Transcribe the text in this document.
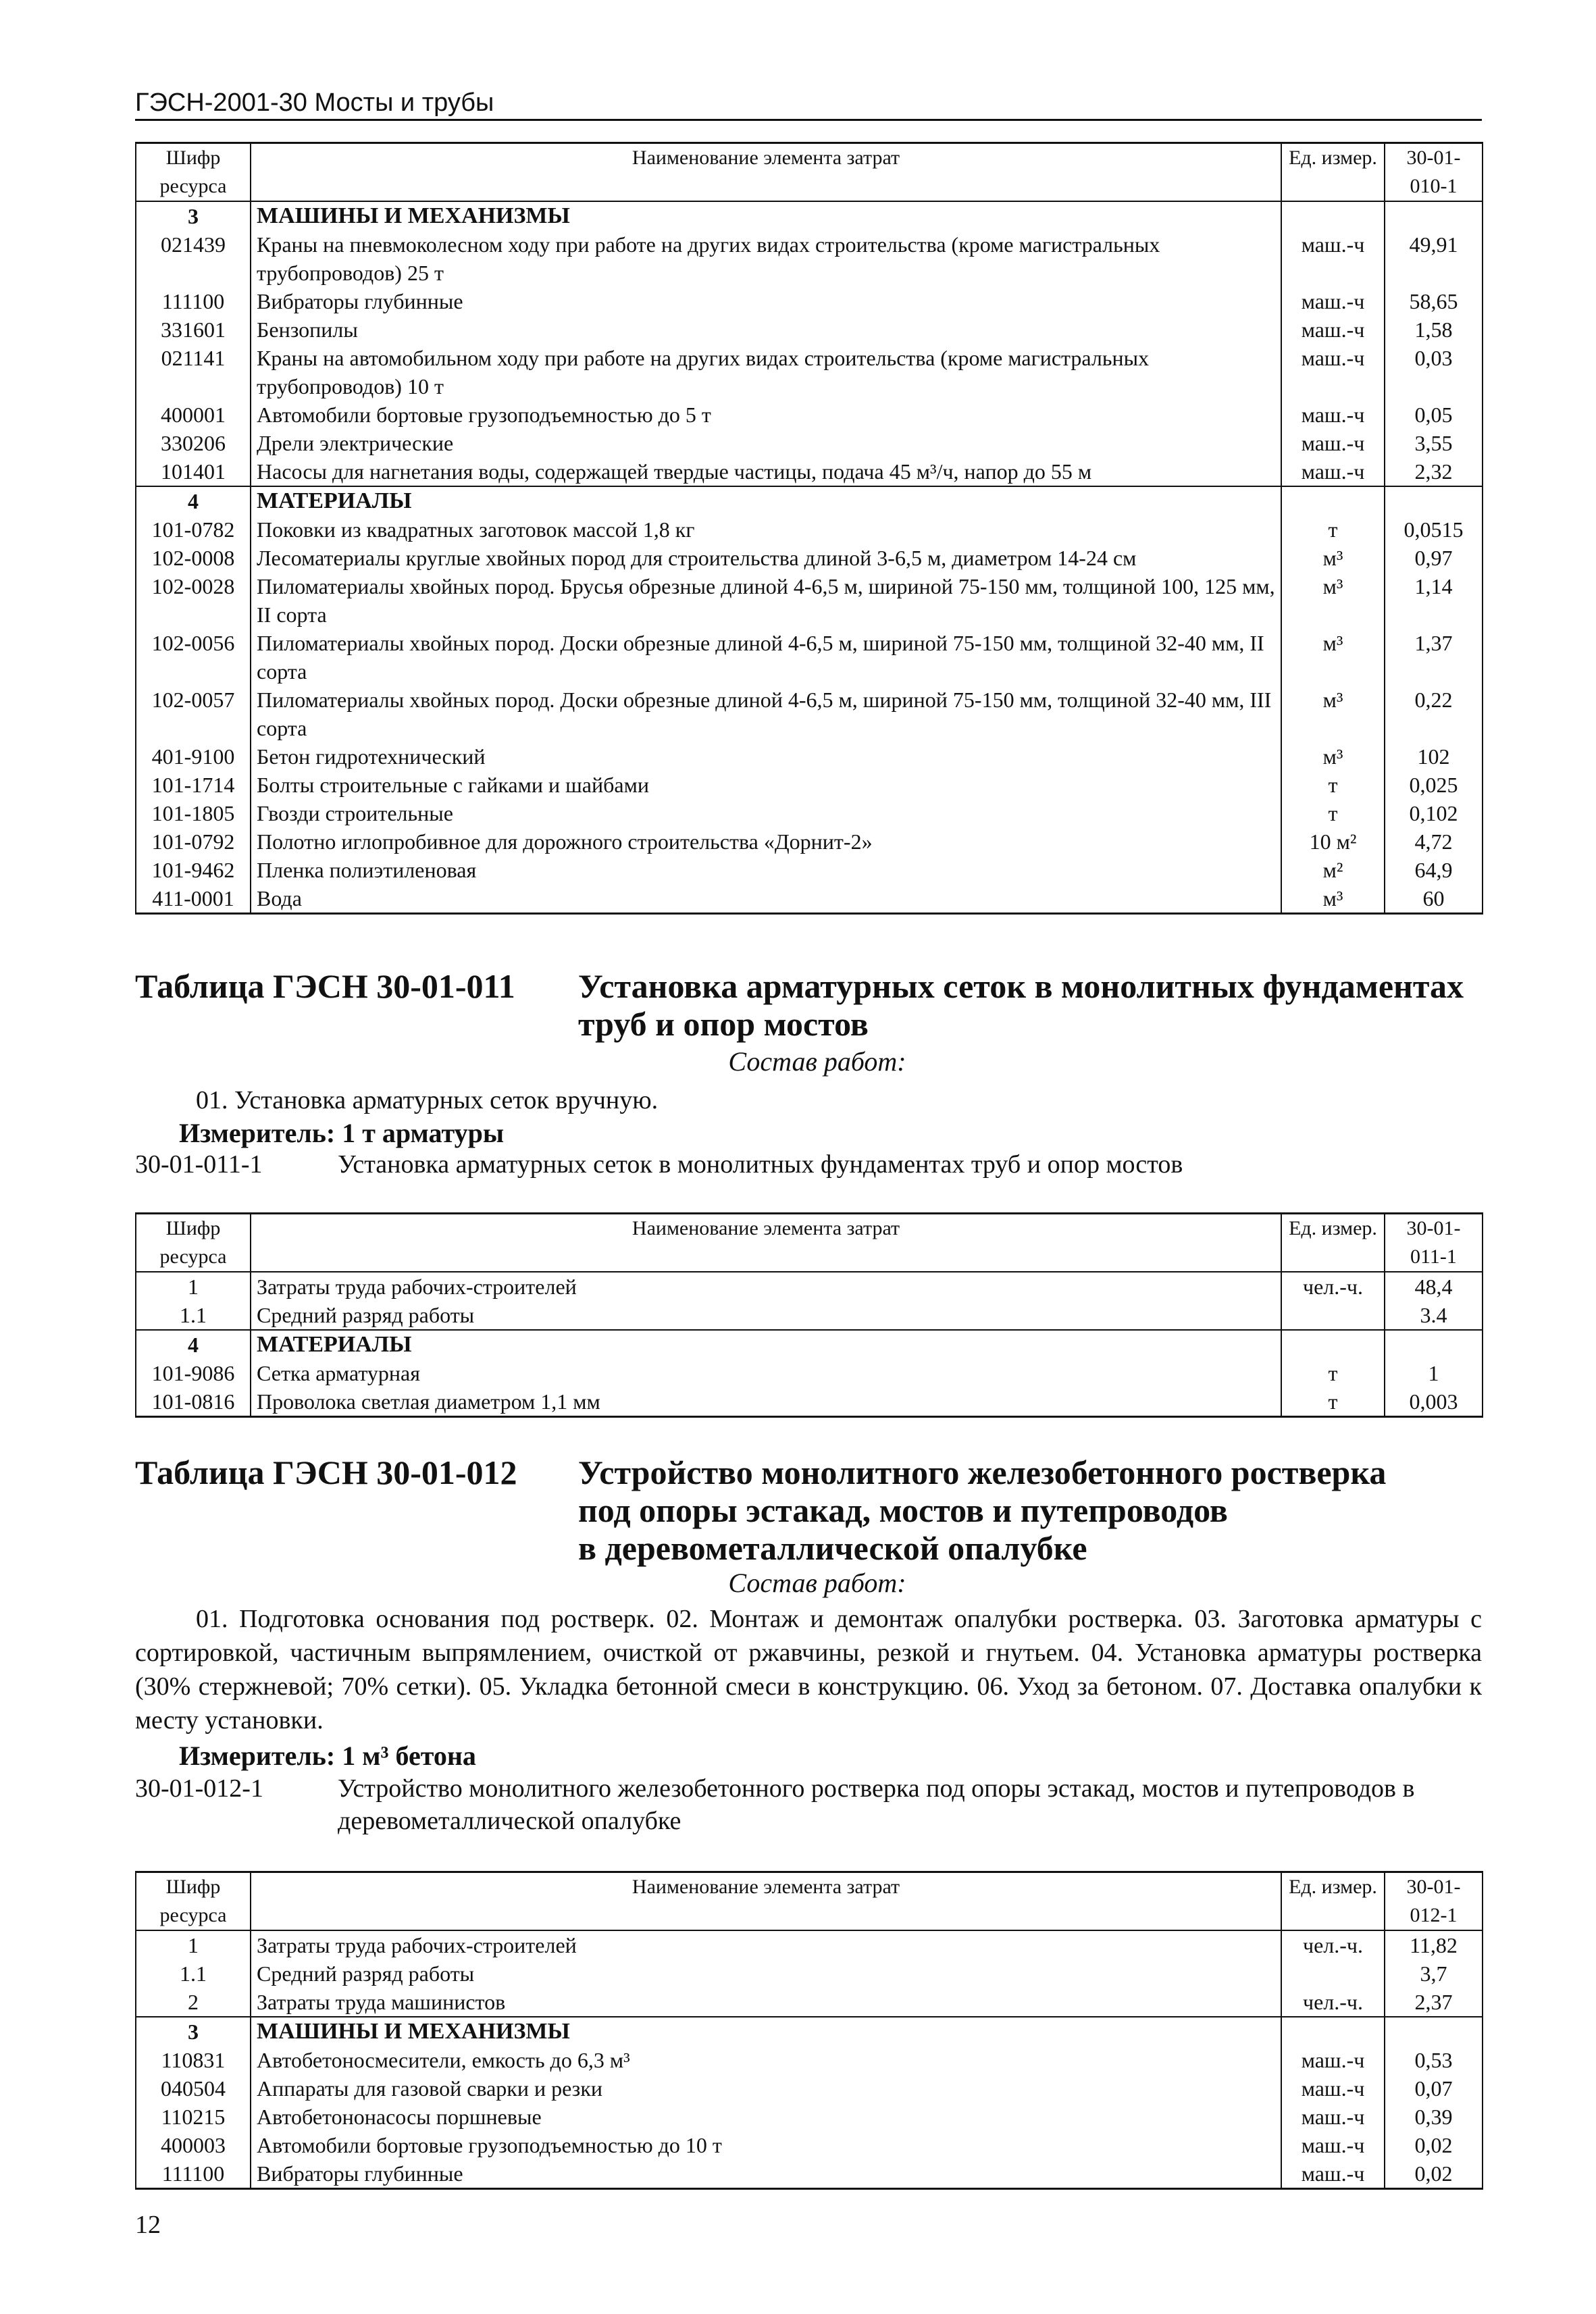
ГЭСН-2001-30 Мосты и трубы
Шифр ресурса	Наименование элемента затрат	Ед. измер.	30-01-010-1
3	МАШИНЫ И МЕХАНИЗМЫ		
021439	Краны на пневмоколесном ходу при работе на других видах строительства (кроме магистральных трубопроводов) 25 т	маш.-ч	49,91
111100	Вибраторы глубинные	маш.-ч	58,65
331601	Бензопилы	маш.-ч	1,58
021141	Краны на автомобильном ходу при работе на других видах строительства (кроме магистральных трубопроводов) 10 т	маш.-ч	0,03
400001	Автомобили бортовые грузоподъемностью до 5 т	маш.-ч	0,05
330206	Дрели электрические	маш.-ч	3,55
101401	Насосы для нагнетания воды, содержащей твердые частицы, подача 45 м³/ч, напор до 55 м	маш.-ч	2,32
4	МАТЕРИАЛЫ		
101-0782	Поковки из квадратных заготовок массой 1,8 кг	т	0,0515
102-0008	Лесоматериалы круглые хвойных пород для строительства длиной 3-6,5 м, диаметром 14-24 см	м³	0,97
102-0028	Пиломатериалы хвойных пород. Брусья обрезные длиной 4-6,5 м, шириной 75-150 мм, толщиной 100, 125 мм, II сорта	м³	1,14
102-0056	Пиломатериалы хвойных пород. Доски обрезные длиной 4-6,5 м, шириной 75-150 мм, толщиной 32-40 мм, II сорта	м³	1,37
102-0057	Пиломатериалы хвойных пород. Доски обрезные длиной 4-6,5 м, шириной 75-150 мм, толщиной 32-40 мм, III сорта	м³	0,22
401-9100	Бетон гидротехнический	м³	102
101-1714	Болты строительные с гайками и шайбами	т	0,025
101-1805	Гвозди строительные	т	0,102
101-0792	Полотно иглопробивное для дорожного строительства «Дорнит-2»	10 м²	4,72
101-9462	Пленка полиэтиленовая	м²	64,9
411-0001	Вода	м³	60
Таблица ГЭСН 30-01-011	Установка арматурных сеток в монолитных фундаментах труб и опор мостов
Состав работ:
01. Установка арматурных сеток вручную.
Измеритель: 1 т арматуры
30-01-011-1	Установка арматурных сеток в монолитных фундаментах труб и опор мостов
Шифр ресурса	Наименование элемента затрат	Ед. измер.	30-01-011-1
1	Затраты труда рабочих-строителей	чел.-ч.	48,4
1.1	Средний разряд работы		3.4
4	МАТЕРИАЛЫ		
101-9086	Сетка арматурная	т	1
101-0816	Проволока светлая диаметром 1,1 мм	т	0,003
Таблица ГЭСН 30-01-012	Устройство монолитного железобетонного ростверка
под опоры эстакад, мостов и путепроводов
в деревометаллической опалубке
Состав работ:
01. Подготовка основания под ростверк. 02. Монтаж и демонтаж опалубки ростверка. 03. Заготовка арматуры с сортировкой, частичным выпрямлением, очисткой от ржавчины, резкой и гнутьем. 04. Установка арматуры ростверка (30% стержневой; 70% сетки). 05. Укладка бетонной смеси в конструкцию. 06. Уход за бетоном. 07. Доставка опалубки к месту установки.
Измеритель: 1 м³ бетона
30-01-012-1	Устройство монолитного железобетонного ростверка под опоры эстакад, мостов и путепроводов в деревометаллической опалубке
Шифр ресурса	Наименование элемента затрат	Ед. измер.	30-01-012-1
1	Затраты труда рабочих-строителей	чел.-ч.	11,82
1.1	Средний разряд работы		3,7
2	Затраты труда машинистов	чел.-ч.	2,37
3	МАШИНЫ И МЕХАНИЗМЫ		
110831	Автобетоносмесители, емкость до 6,3 м³	маш.-ч	0,53
040504	Аппараты для газовой сварки и резки	маш.-ч	0,07
110215	Автобетононасосы поршневые	маш.-ч	0,39
400003	Автомобили бортовые грузоподъемностью до 10 т	маш.-ч	0,02
111100	Вибраторы глубинные	маш.-ч	0,02
12
